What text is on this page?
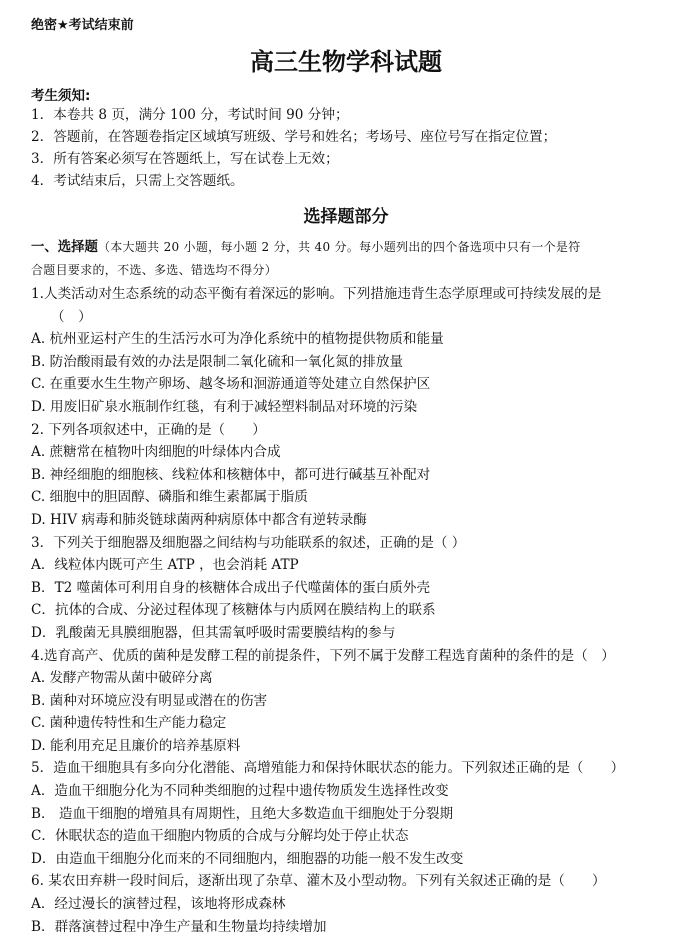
绝密★考试结束前
高三生物学科试题
考生须知:
1．本卷共 8 页，满分 100 分，考试时间 90 分钟；
2．答题前，在答题卷指定区域填写班级、学号和姓名；考场号、座位号写在指定位置；
3．所有答案必须写在答题纸上，写在试卷上无效；
4．考试结束后，只需上交答题纸。
选择题部分
一、选择题（本大题共 20 小题，每小题 2 分，共 40 分。每小题列出的四个备选项中只有一个是符
合题目要求的，不选、多选、错选均不得分）
1.人类活动对生态系统的动态平衡有着深远的影响。下列措施违背生态学原理或可持续发展的是
（　）
A. 杭州亚运村产生的生活污水可为净化系统中的植物提供物质和能量
B. 防治酸雨最有效的办法是限制二氧化硫和一氧化氮的排放量
C. 在重要水生生物产卵场、越冬场和洄游通道等处建立自然保护区
D. 用废旧矿泉水瓶制作红毯，有利于减轻塑料制品对环境的污染
2. 下列各项叙述中，正确的是（　　）
A. 蔗糖常在植物叶肉细胞的叶绿体内合成
B. 神经细胞的细胞核、线粒体和核糖体中，都可进行碱基互补配对
C. 细胞中的胆固醇、磷脂和维生素都属于脂质
D. HIV 病毒和肺炎链球菌两种病原体中都含有逆转录酶
3．下列关于细胞器及细胞器之间结构与功能联系的叙述，正确的是（ ）
A．线粒体内既可产生 ATP ，也会消耗 ATP
B．T2 噬菌体可利用自身的核糖体合成出子代噬菌体的蛋白质外壳
C．抗体的合成、分泌过程体现了核糖体与内质网在膜结构上的联系
D．乳酸菌无具膜细胞器，但其需氧呼吸时需要膜结构的参与
4.选育高产、优质的菌种是发酵工程的前提条件，下列不属于发酵工程选育菌种的条件的是（　）
A. 发酵产物需从菌中破碎分离
B. 菌种对环境应没有明显或潜在的伤害
C. 菌种遗传特性和生产能力稳定
D. 能利用充足且廉价的培养基原料
5．造血干细胞具有多向分化潜能、高增殖能力和保持休眠状态的能力。下列叙述正确的是（　　）
A．造血干细胞分化为不同种类细胞的过程中遗传物质发生选择性改变
B． 造血干细胞的增殖具有周期性，且绝大多数造血干细胞处于分裂期
C．休眠状态的造血干细胞内物质的合成与分解均处于停止状态
D．由造血干细胞分化而来的不同细胞内，细胞器的功能一般不发生改变
6. 某农田弃耕一段时间后，逐渐出现了杂草、灌木及小型动物。下列有关叙述正确的是（　　）
A．经过漫长的演替过程，该地将形成森林
B．群落演替过程中净生产量和生物量均持续增加
